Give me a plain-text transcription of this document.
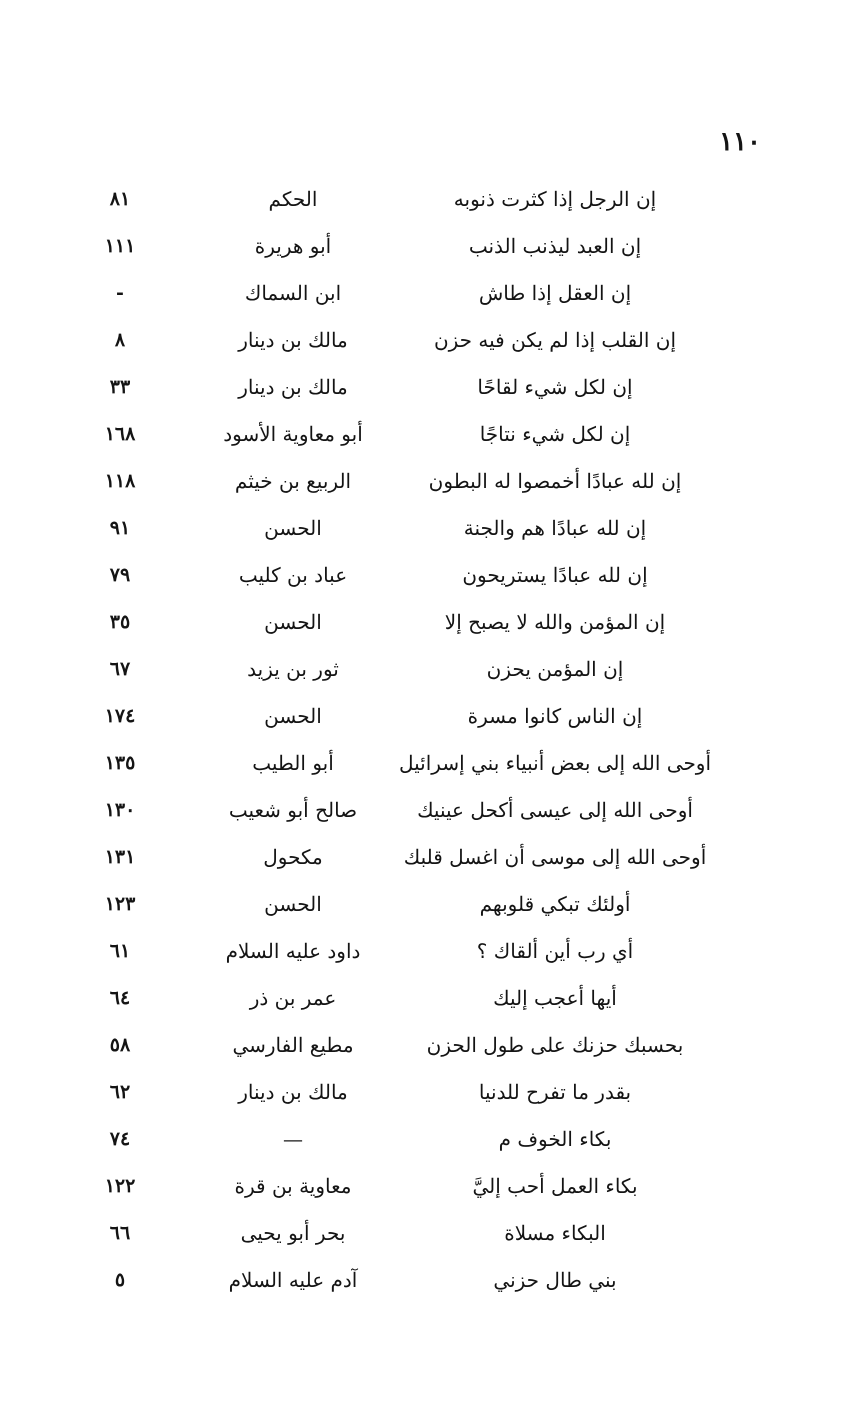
١١٠
إن الرجل إذا كثرت ذنوبه
الحكم
٨١
إن العبد ليذنب الذنب
أبو هريرة
١١١
إن العقل إذا طاش
ابن السماك
-
إن القلب إذا لم يكن فيه حزن
مالك بن دينار
٨
إن لكل شيء لقاحًا
مالك بن دينار
٣٣
إن لكل شيء نتاجًا
أبو معاوية الأسود
١٦٨
إن لله عبادًا أخمصوا له البطون
الربيع بن خيثم
١١٨
إن لله عبادًا هم والجنة
الحسن
٩١
إن لله عبادًا يستريحون
عباد بن كليب
٧٩
إن المؤمن والله لا يصبح إلا
الحسن
٣٥
إن المؤمن يحزن
ثور بن يزيد
٦٧
إن الناس كانوا مسرة
الحسن
١٧٤
أوحى الله إلى بعض أنبياء بني إسرائيل
أبو الطيب
١٣٥
أوحى الله إلى عيسى أكحل عينيك
صالح أبو شعيب
١٣٠
أوحى الله إلى موسى أن اغسل قلبك
مكحول
١٣١
أولئك تبكي قلوبهم
الحسن
١٢٣
أي رب أين ألقاك ؟
داود عليه السلام
٦١
أيها أعجب إليك
عمر بن ذر
٦٤
بحسبك حزنك على طول الحزن
مطيع الفارسي
٥٨
بقدر ما تفرح للدنيا
مالك بن دينار
٦٢
بكاء الخوف م
—
٧٤
بكاء العمل أحب إليَّ
معاوية بن قرة
١٢٢
البكاء مسلاة
بحر أبو يحيى
٦٦
بني طال حزني
آدم عليه السلام
٥
